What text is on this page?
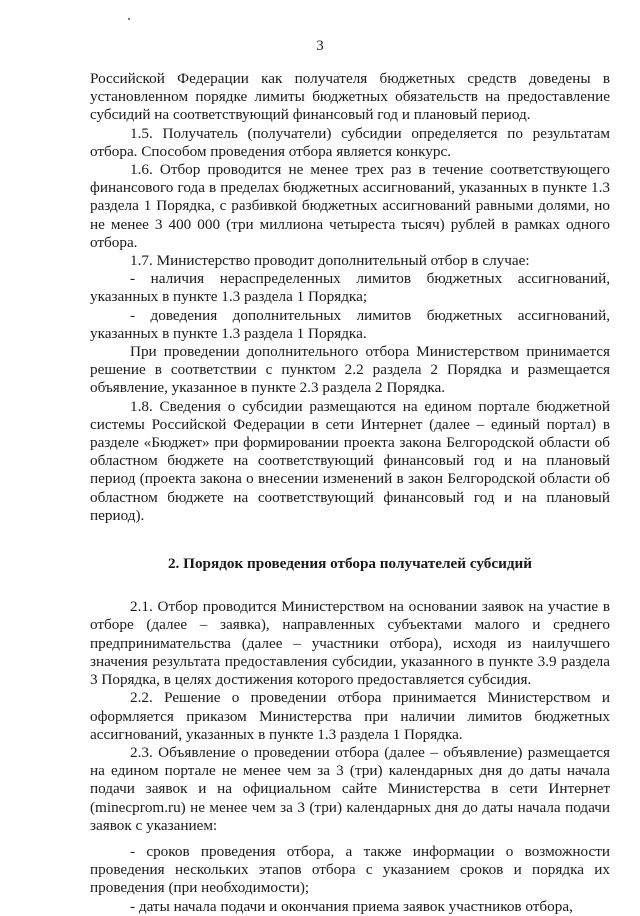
3

Российской Федерации как получателя бюджетных средств доведены в установленном порядке лимиты бюджетных обязательств на предоставление субсидий на соответствующий финансовый год и плановый период.

1.5. Получатель (получатели) субсидии определяется по результатам отбора. Способом проведения отбора является конкурс.

1.6. Отбор проводится не менее трех раз в течение соответствующего финансового года в пределах бюджетных ассигнований, указанных в пункте 1.3 раздела 1 Порядка, с разбивкой бюджетных ассигнований равными долями, но не менее 3 400 000 (три миллиона четыреста тысяч) рублей в рамках одного отбора.

1.7. Министерство проводит дополнительный отбор в случае:

- наличия нераспределенных лимитов бюджетных ассигнований, указанных в пункте 1.3 раздела 1 Порядка;

- доведения дополнительных лимитов бюджетных ассигнований, указанных в пункте 1.3 раздела 1 Порядка.

При проведении дополнительного отбора Министерством принимается решение в соответствии с пунктом 2.2 раздела 2 Порядка и размещается объявление, указанное в пункте 2.3 раздела 2 Порядка.

1.8. Сведения о субсидии размещаются на едином портале бюджетной системы Российской Федерации в сети Интернет (далее – единый портал) в разделе «Бюджет» при формировании проекта закона Белгородской области об областном бюджете на соответствующий финансовый год и на плановый период (проекта закона о внесении изменений в закон Белгородской области об областном бюджете на соответствующий финансовый год и на плановый период).

2. Порядок проведения отбора получателей субсидий

2.1. Отбор проводится Министерством на основании заявок на участие в отборе (далее – заявка), направленных субъектами малого и среднего предпринимательства (далее – участники отбора), исходя из наилучшего значения результата предоставления субсидии, указанного в пункте 3.9 раздела 3 Порядка, в целях достижения которого предоставляется субсидия.

2.2. Решение о проведении отбора принимается Министерством и оформляется приказом Министерства при наличии лимитов бюджетных ассигнований, указанных в пункте 1.3 раздела 1 Порядка.

2.3. Объявление о проведении отбора (далее – объявление) размещается на едином портале не менее чем за 3 (три) календарных дня до даты начала подачи заявок и на официальном сайте Министерства в сети Интернет (mineсprom.ru) не менее чем за 3 (три) календарных дня до даты начала подачи заявок с указанием:

- сроков проведения отбора, а также информации о возможности проведения нескольких этапов отбора с указанием сроков и порядка их проведения (при необходимости);

- даты начала подачи и окончания приема заявок участников отбора,
